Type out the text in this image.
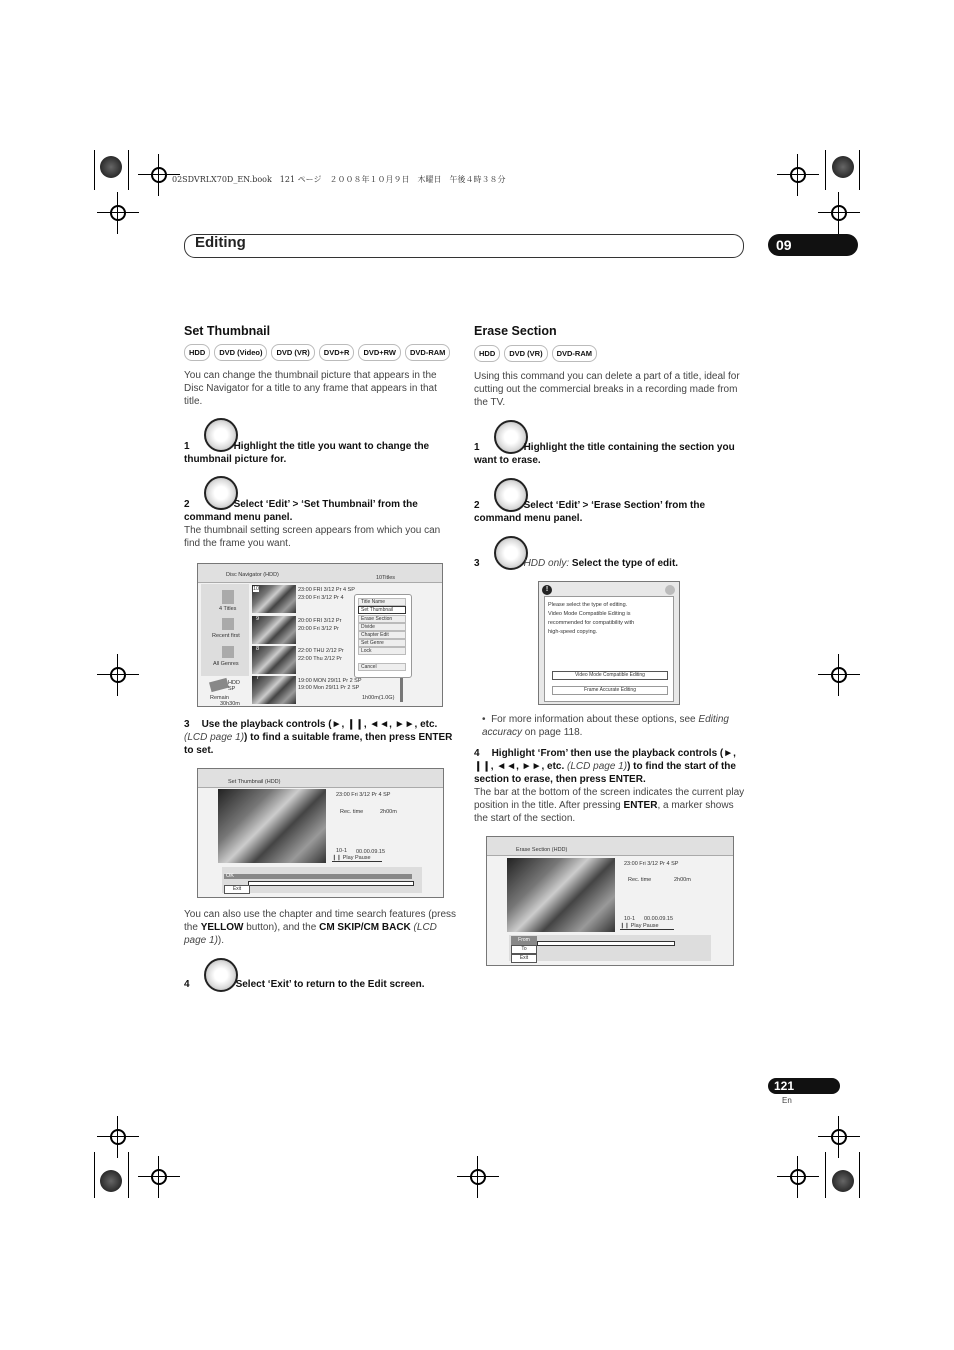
02SDVRLX70D_EN.book　121 ページ　２００８年１０月９日　木曜日　午後４時３８分
Editing	09
Set Thumbnail
HDD	DVD (Video)	DVD (VR)	DVD+R	DVD+RW	DVD-RAM
You can change the thumbnail picture that appears in the Disc Navigator for a title to any frame that appears in that title.
1	Highlight the title you want to change the thumbnail picture for.
2	Select ‘Edit’ > ‘Set Thumbnail’ from the command menu panel.
The thumbnail setting screen appears from which you can find the frame you want.
Disc Navigator (HDD)	10Titles
4 Titles
Recent first
All Genres
HDD
SP
Remain
30h30m
10	23:00 FRI 3/12 Pr 4 SP
23:00 Fri 3/12 Pr 4
9	20:00 FRI 3/12 Pr
20:00 Fri 3/12 Pr
8	22:00 THU 2/12 Pr
22:00 Thu 2/12 Pr
7	19:00 MON 29/11 Pr 2 SP
19:00 Mon 29/11 Pr 2 SP
1h00m(1.0G)
Title Name
Set Thumbnail
Erase Section
Divide
Chapter Edit
Set Genre
Lock
Cancel
3 Use the playback controls (►, ❙❙, ◄◄, ►►, etc. (LCD page 1)) to find a suitable frame, then press ENTER to set.
Set Thumbnail (HDD)
23:00 Fri 3/12 Pr 4 SP
Rec. time	2h00m
10-1 00.00.09.15
❙❙ Play Pause
OK
Exit
You can also use the chapter and time search features (press the YELLOW button), and the CM SKIP/CM BACK (LCD page 1)).
4	Select ‘Exit’ to return to the Edit screen.
Erase Section
HDD	DVD (VR)	DVD-RAM
Using this command you can delete a part of a title, ideal for cutting out the commercial breaks in a recording made from the TV.
1	Highlight the title containing the section you want to erase.
2	Select ‘Edit’ > ‘Erase Section’ from the command menu panel.
3	HDD only: Select the type of edit.
!
Please select the type of editing.
Video Mode Compatible Editing is
recommended for compatibility with
high-speed copying.
Video Mode Compatible Editing
Frame Accurate Editing
•  For more information about these options, see Editing accuracy on page 118.
4 Highlight ‘From’ then use the playback controls (►, ❙❙, ◄◄, ►►, etc. (LCD page 1)) to find the start of the section to erase, then press ENTER.
The bar at the bottom of the screen indicates the current play position in the title. After pressing ENTER, a marker shows the start of the section.
Erase Section (HDD)
23:00 Fri 3/12 Pr 4 SP
Rec. time	2h00m
10-1 00.00.09.15
❙❙ Play Pause
From
To
Exit
121
En
